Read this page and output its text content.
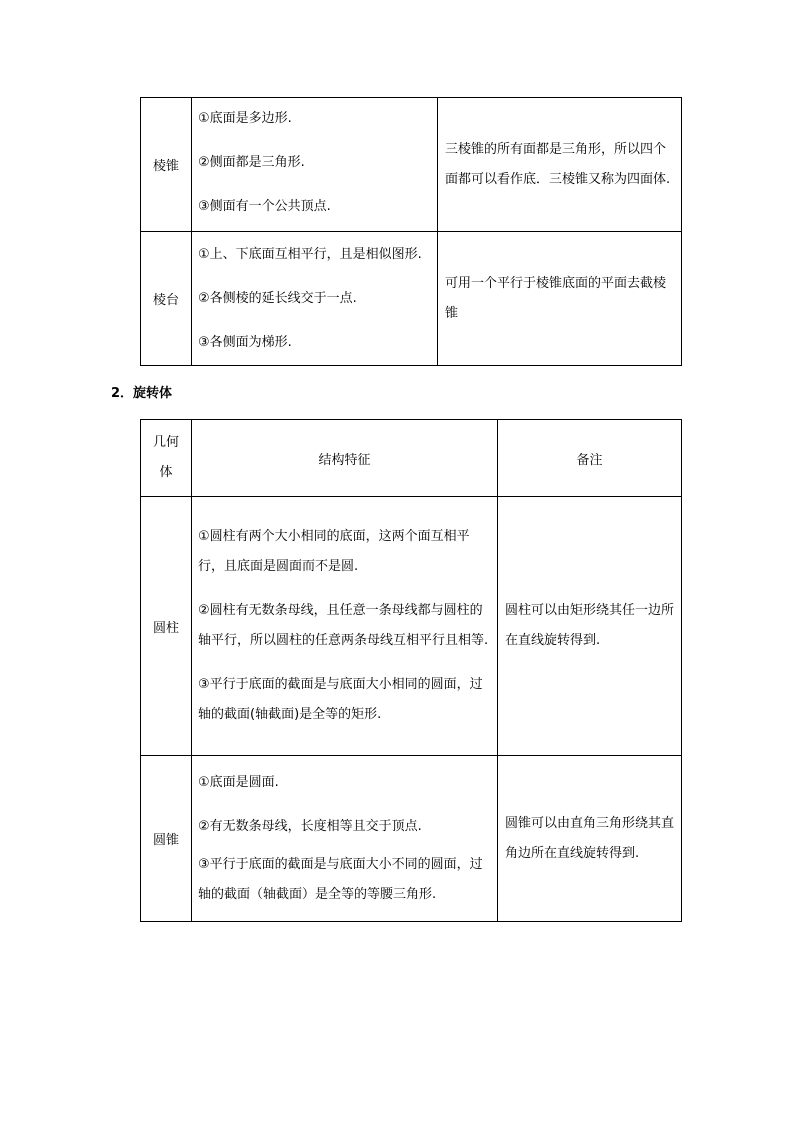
棱锥	①底面是多边形.

②侧面都是三角形.

③侧面有一个公共顶点.	三棱锥的所有面都是三角形，所以四个面都可以看作底．三棱锥又称为四面体.
棱台	①上、下底面互相平行，且是相似图形.

②各侧棱的延长线交于一点.

③各侧面为梯形.	可用一个平行于棱锥底面的平面去截棱锥
2．旋转体
几何体	结构特征	备注
圆柱	①圆柱有两个大小相同的底面，这两个面互相平行，且底面是圆面而不是圆.

②圆柱有无数条母线，且任意一条母线都与圆柱的轴平行，所以圆柱的任意两条母线互相平行且相等.

③平行于底面的截面是与底面大小相同的圆面，过轴的截面(轴截面)是全等的矩形.	圆柱可以由矩形绕其任一边所在直线旋转得到.
圆锥	①底面是圆面.

②有无数条母线，长度相等且交于顶点.

③平行于底面的截面是与底面大小不同的圆面，过轴的截面（轴截面）是全等的等腰三角形.	圆锥可以由直角三角形绕其直角边所在直线旋转得到.
